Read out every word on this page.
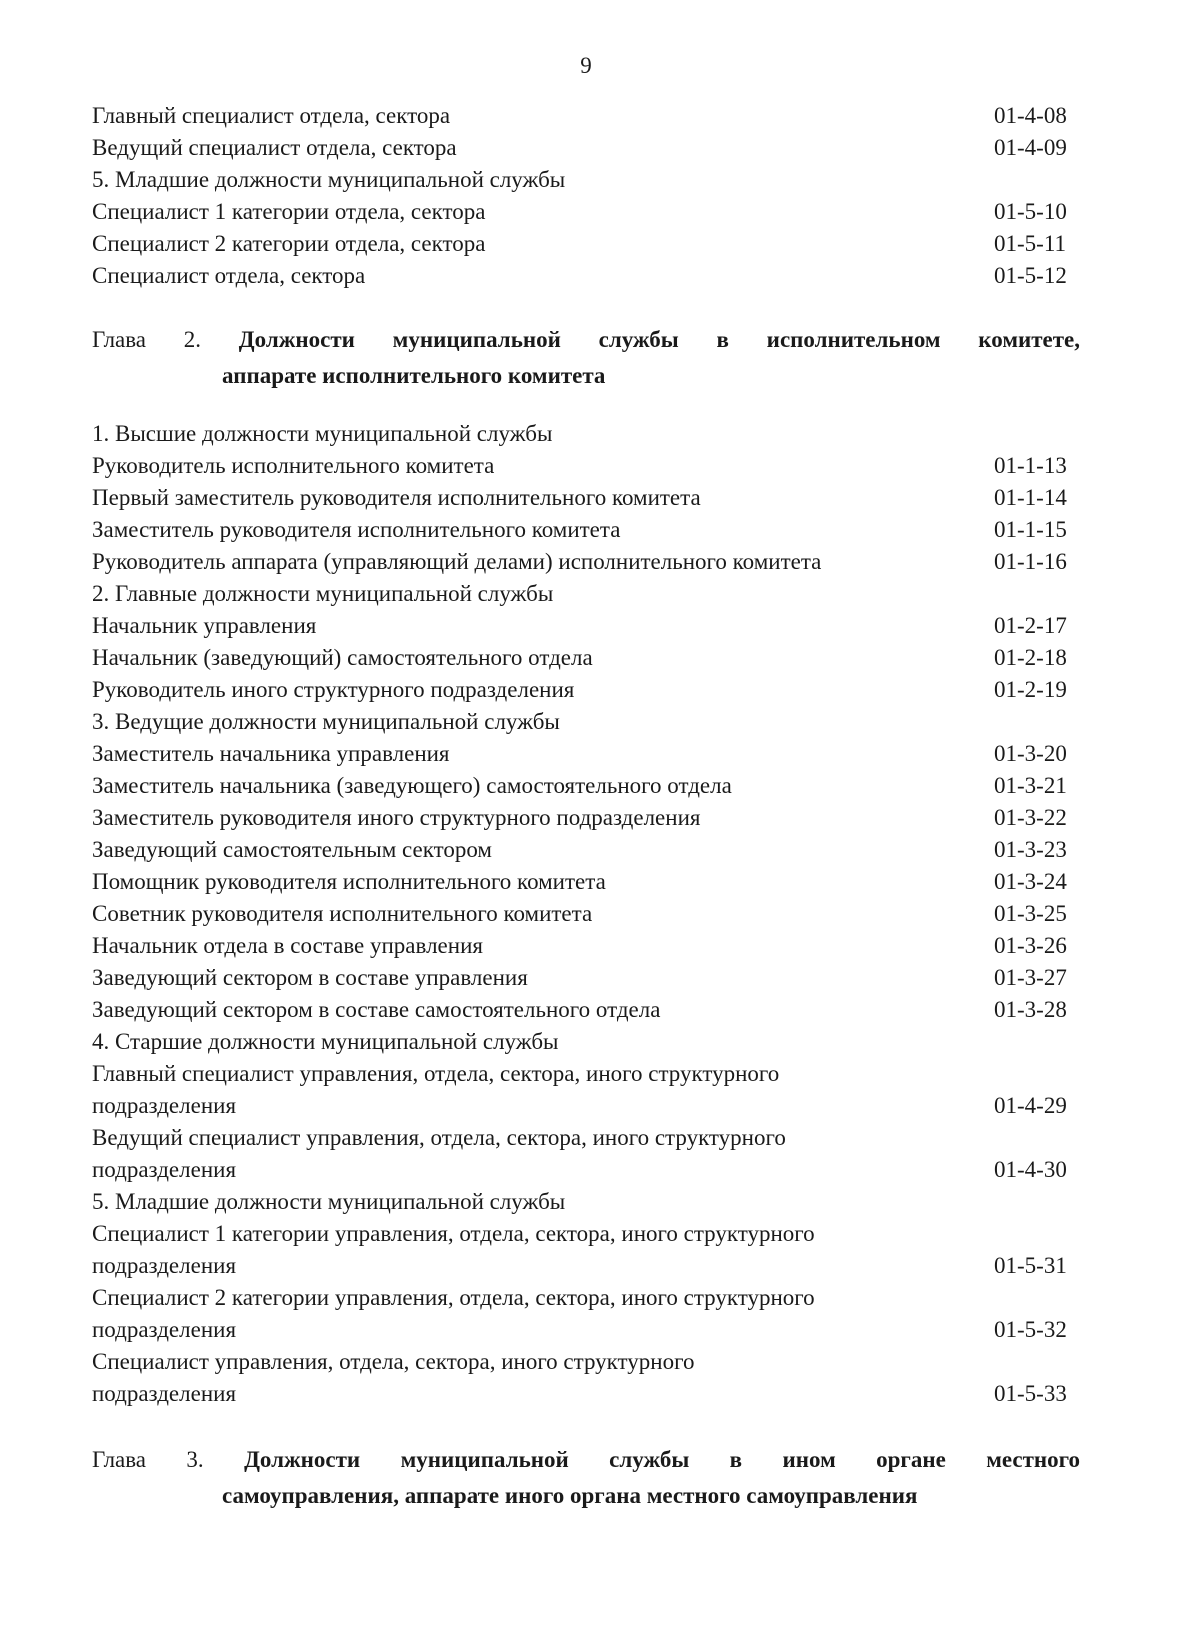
9
Главный специалист отдела, сектора	01-4-08
Ведущий специалист отдела, сектора	01-4-09
5. Младшие должности муниципальной службы
Специалист 1 категории отдела, сектора	01-5-10
Специалист 2 категории отдела, сектора	01-5-11
Специалист отдела, сектора	01-5-12
Глава 2. Должности муниципальной службы в исполнительном комитете,
аппарате исполнительного комитета
1. Высшие должности муниципальной службы
Руководитель исполнительного комитета	01-1-13
Первый заместитель руководителя исполнительного комитета	01-1-14
Заместитель руководителя исполнительного комитета	01-1-15
Руководитель аппарата (управляющий делами) исполнительного комитета	01-1-16
2. Главные должности муниципальной службы
Начальник управления	01-2-17
Начальник (заведующий) самостоятельного отдела	01-2-18
Руководитель иного структурного подразделения	01-2-19
3. Ведущие должности муниципальной службы
Заместитель начальника управления	01-3-20
Заместитель начальника (заведующего) самостоятельного отдела	01-3-21
Заместитель руководителя иного структурного подразделения	01-3-22
Заведующий самостоятельным сектором	01-3-23
Помощник руководителя исполнительного комитета	01-3-24
Советник руководителя исполнительного комитета	01-3-25
Начальник отдела в составе управления	01-3-26
Заведующий сектором в составе управления	01-3-27
Заведующий сектором в составе самостоятельного отдела	01-3-28
4. Старшие должности муниципальной службы
Главный специалист управления, отдела, сектора, иного структурного
подразделения	01-4-29
Ведущий специалист управления, отдела, сектора, иного структурного
подразделения	01-4-30
5. Младшие должности муниципальной службы
Специалист 1 категории управления, отдела, сектора, иного структурного
подразделения	01-5-31
Специалист 2 категории управления, отдела, сектора, иного структурного
подразделения	01-5-32
Специалист управления, отдела, сектора, иного структурного
подразделения	01-5-33
Глава 3. Должности муниципальной службы в ином органе местного
самоуправления, аппарате иного органа местного самоуправления
